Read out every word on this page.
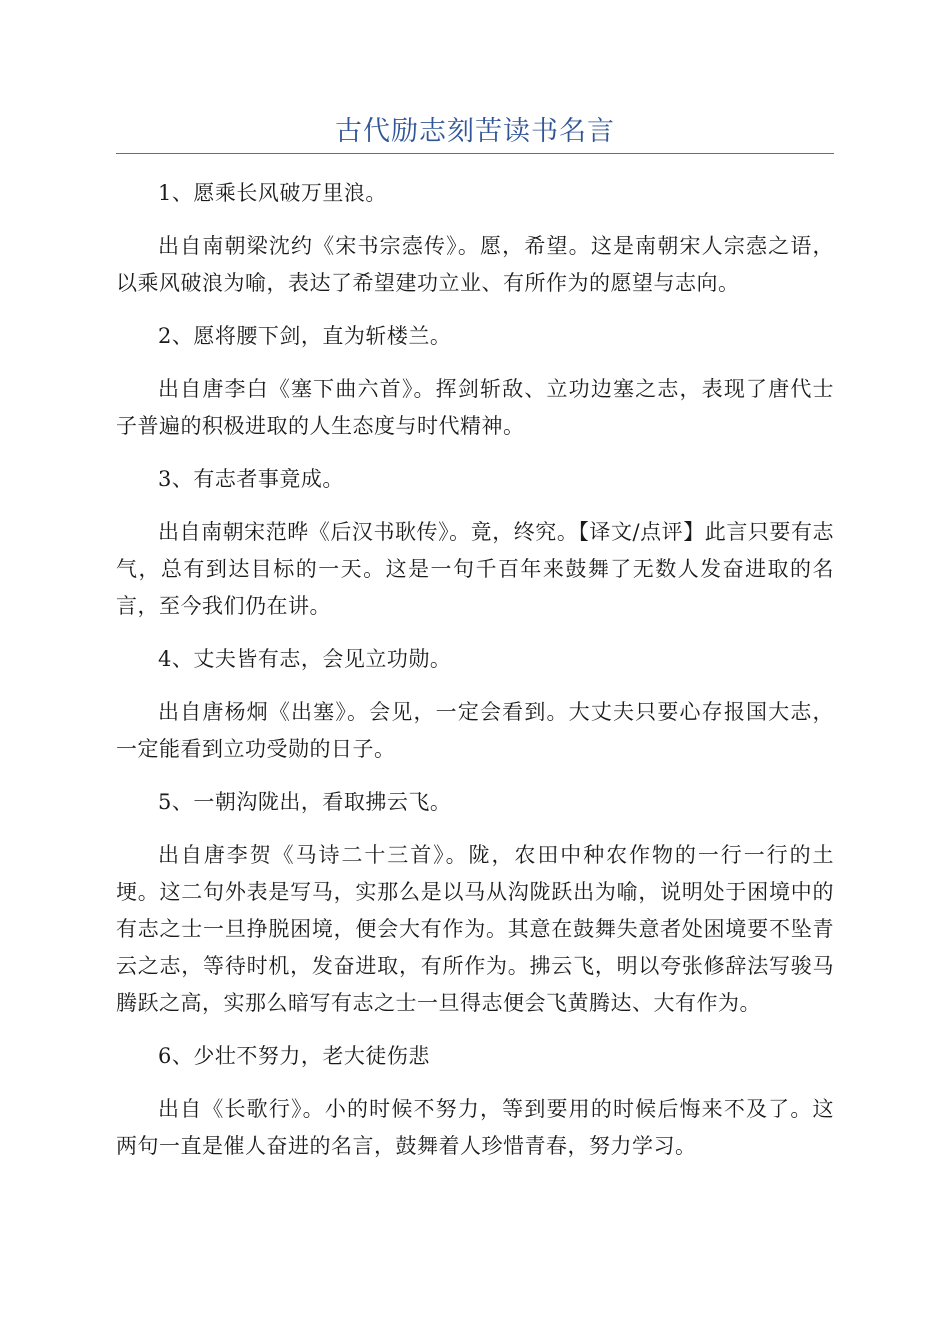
古代励志刻苦读书名言

1、愿乘长风破万里浪。

出自南朝梁沈约《宋书宗悫传》。愿，希望。这是南朝宋人宗悫之语，以乘风破浪为喻，表达了希望建功立业、有所作为的愿望与志向。

2、愿将腰下剑，直为斩楼兰。

出自唐李白《塞下曲六首》。挥剑斩敌、立功边塞之志，表现了唐代士子普遍的积极进取的人生态度与时代精神。

3、有志者事竟成。

出自南朝宋范晔《后汉书耿传》。竟，终究。【译文/点评】此言只要有志气，总有到达目标的一天。这是一句千百年来鼓舞了无数人发奋进取的名言，至今我们仍在讲。

4、丈夫皆有志，会见立功勋。

出自唐杨炯《出塞》。会见，一定会看到。大丈夫只要心存报国大志，一定能看到立功受勋的日子。

5、一朝沟陇出，看取拂云飞。

出自唐李贺《马诗二十三首》。陇，农田中种农作物的一行一行的土埂。这二句外表是写马，实那么是以马从沟陇跃出为喻，说明处于困境中的有志之士一旦挣脱困境，便会大有作为。其意在鼓舞失意者处困境要不坠青云之志，等待时机，发奋进取，有所作为。拂云飞，明以夸张修辞法写骏马腾跃之高，实那么暗写有志之士一旦得志便会飞黄腾达、大有作为。

6、少壮不努力，老大徒伤悲

出自《长歌行》。小的时候不努力，等到要用的时候后悔来不及了。这两句一直是催人奋进的名言，鼓舞着人珍惜青春，努力学习。
